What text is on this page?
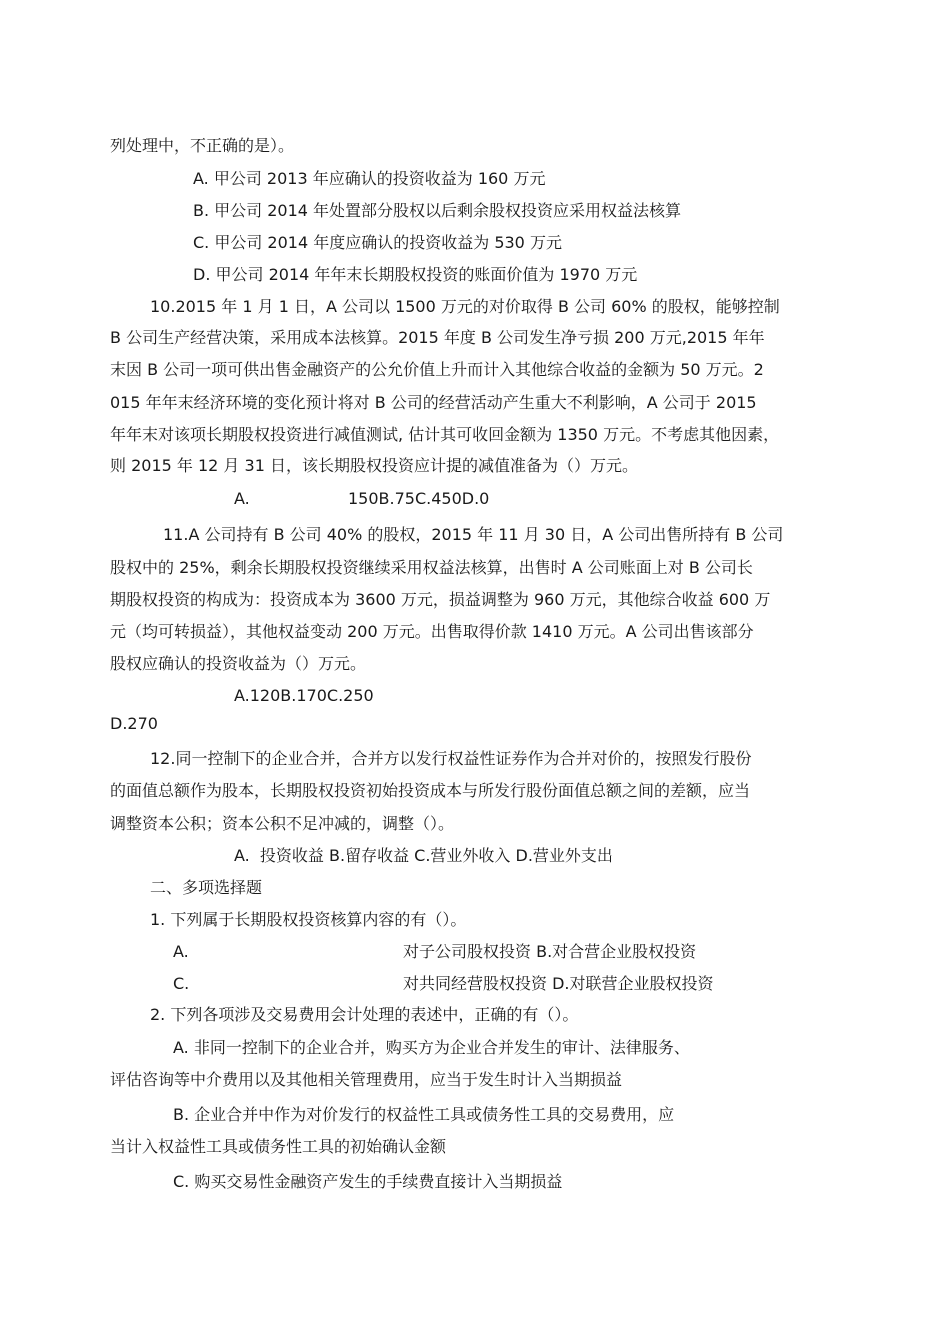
列处理中，不正确的是）。
A. 甲公司 2013 年应确认的投资收益为 160 万元
B. 甲公司 2014 年处置部分股权以后剩余股权投资应采用权益法核算
C. 甲公司 2014 年度应确认的投资收益为 530 万元
D. 甲公司 2014 年年末长期股权投资的账面价值为 1970 万元
10.2015 年 1 月 1 日，A 公司以 1500 万元的对价取得 B 公司 60% 的股权，能够控制
B 公司生产经营决策，采用成本法核算。2015 年度 B 公司发生净亏损 200 万元,2015 年年
末因 B 公司一项可供出售金融资产的公允价值上升而计入其他综合收益的金额为 50 万元。2
015 年年末经济环境的变化预计将对 B 公司的经营活动产生重大不利影响，A 公司于 2015
年年末对该项长期股权投资进行减值测试, 估计其可收回金额为 1350 万元。不考虑其他因素，
则 2015 年 12 月 31 日，该长期股权投资应计提的减值准备为（）万元。
A.	150B.75C.450D.0
11.A 公司持有 B 公司 40% 的股权，2015 年 11 月 30 日，A 公司出售所持有 B 公司
股权中的 25%，剩余长期股权投资继续采用权益法核算，出售时 A 公司账面上对 B 公司长
期股权投资的构成为：投资成本为 3600 万元，损益调整为 960 万元，其他综合收益 600 万
元（均可转损益），其他权益变动 200 万元。出售取得价款 1410 万元。A 公司出售该部分
股权应确认的投资收益为（）万元。
A.120B.170C.250
D.270
12.同一控制下的企业合并，合并方以发行权益性证券作为合并对价的，按照发行股份
的面值总额作为股本，长期股权投资初始投资成本与所发行股份面值总额之间的差额，应当
调整资本公积；资本公积不足冲减的，调整（）。
A.  投资收益 B.留存收益 C.营业外收入 D.营业外支出
二、多项选择题
1. 下列属于长期股权投资核算内容的有（）。
A.	对子公司股权投资 B.对合营企业股权投资
C.	对共同经营股权投资 D.对联营企业股权投资
2. 下列各项涉及交易费用会计处理的表述中，正确的有（）。
A. 非同一控制下的企业合并，购买方为企业合并发生的审计、法律服务、
评估咨询等中介费用以及其他相关管理费用，应当于发生时计入当期损益
B. 企业合并中作为对价发行的权益性工具或债务性工具的交易费用，应
当计入权益性工具或债务性工具的初始确认金额
C. 购买交易性金融资产发生的手续费直接计入当期损益
